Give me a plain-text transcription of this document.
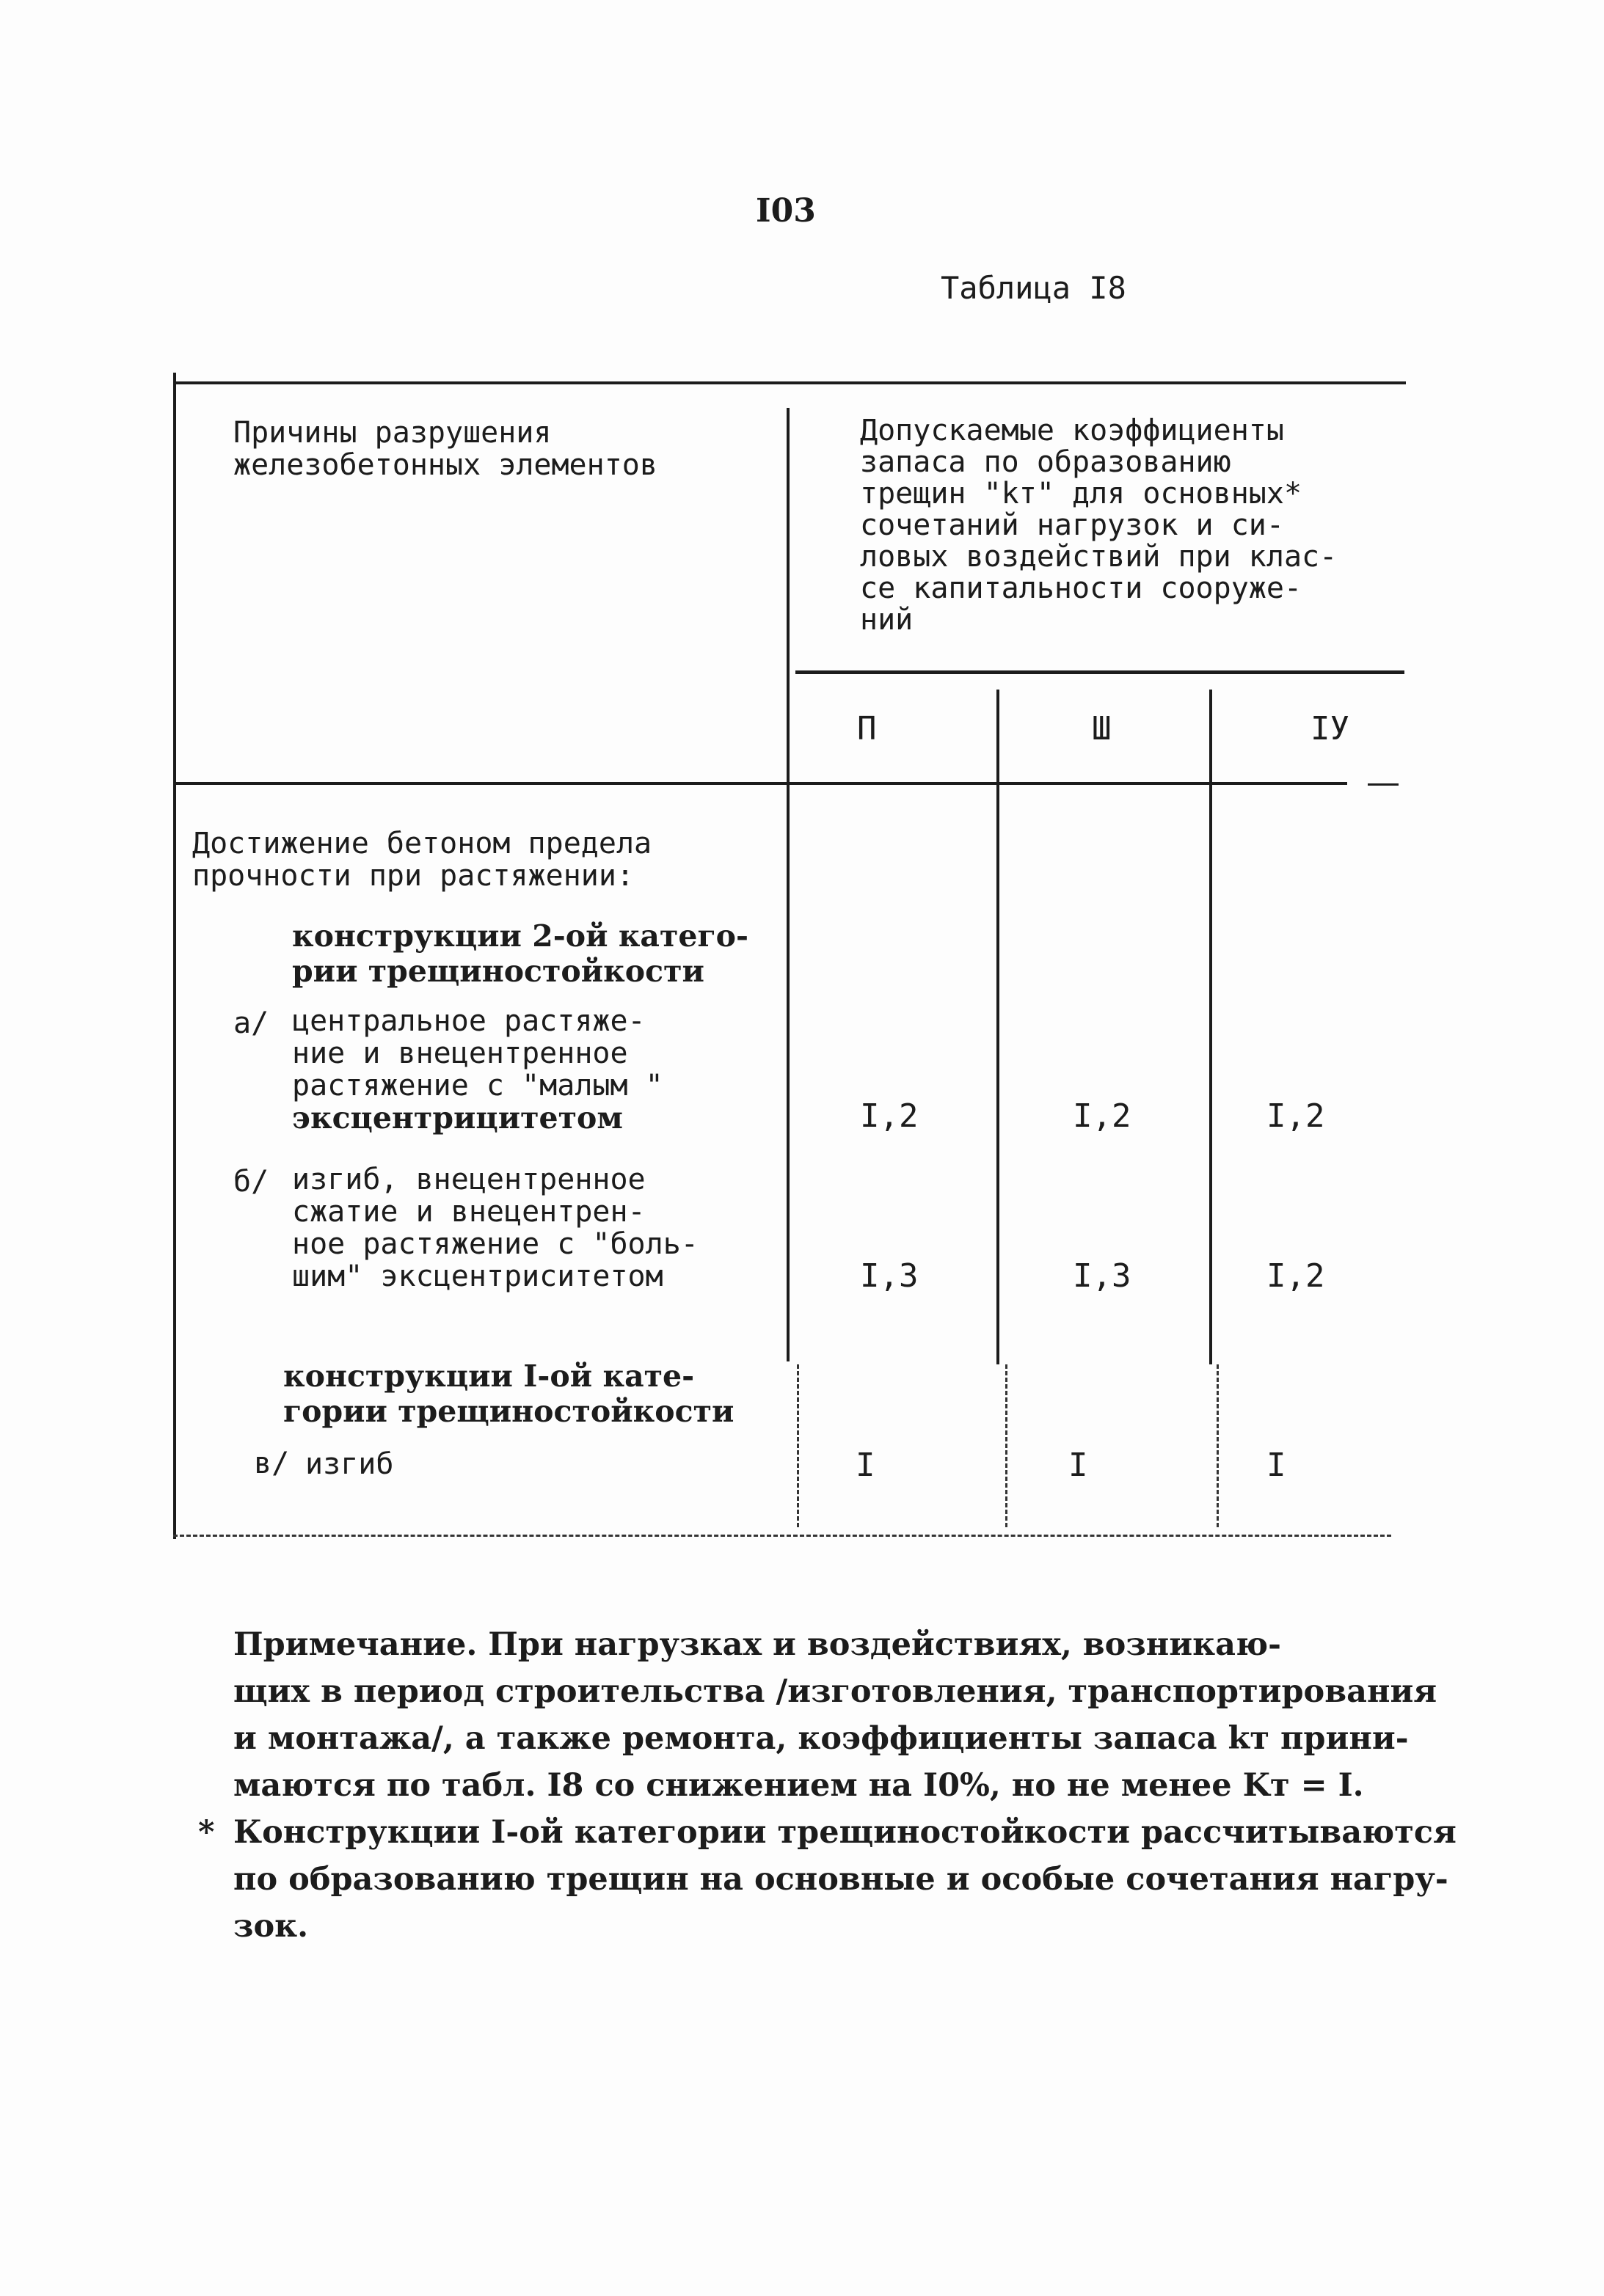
I03
Таблица I8
Причины разрушения
железобетонных элементов
Допускаемые коэффициенты
запаса по образованию
трещин "kт" для основных*
сочетаний нагрузок и си-
ловых воздействий при клас-
се капитальности сооруже-
ний
П	Ш	IУ
Достижение бетоном предела
прочности при растяжении:
конструкции 2-ой катего-
рии трещиностойкости
а/ центральное растяже-
ние и внецентренное
растяжение с "малым "
эксцентрицитетом	I,2	I,2	I,2
б/ изгиб, внецентренное
сжатие и внецентрен-
ное растяжение с "боль-
шим" эксцентриситетом	I,3	I,3	I,2
конструкции I-ой кате-
гории трещиностойкости
в/ изгиб	I	I	I
Примечание. При нагрузках и воздействиях, возникаю-
щих в период строительства /изготовления, транспортирования
и монтажа/, а также ремонта, коэффициенты запаса kт прини-
маются по табл. I8 со снижением на I0%, но не менее Kт = I.
* Конструкции I-ой категории трещиностойкости рассчитываются
по образованию трещин на основные и особые сочетания нагру-
зок.
